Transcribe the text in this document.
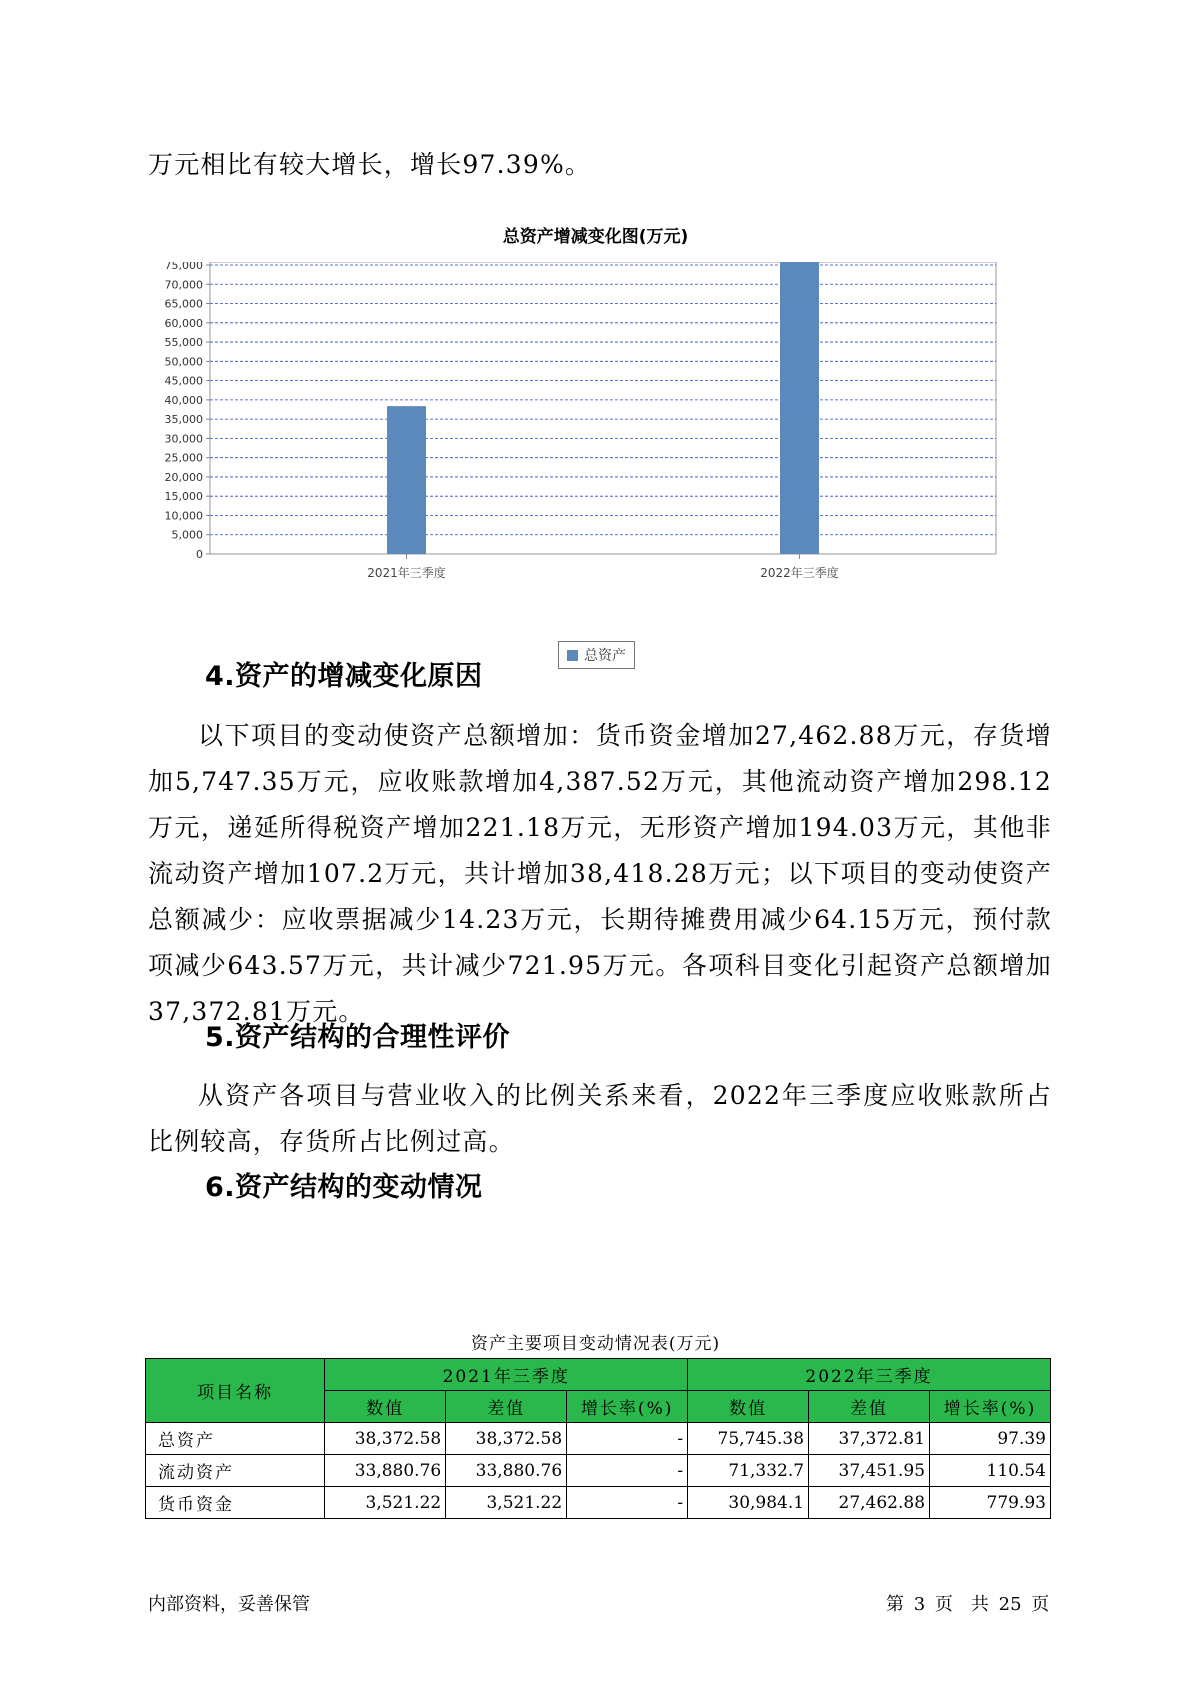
万元相比有较大增长，增长97.39%。

总资产增减变化图(万元)
0
5,000
10,000
15,000
20,000
25,000
30,000
35,000
40,000
45,000
50,000
55,000
60,000
65,000
70,000
75,000
2021年三季度	2022年三季度
总资产
4.资产的增减变化原因

以下项目的变动使资产总额增加：货币资金增加27,462.88万元，存货增加5,747.35万元，应收账款增加4,387.52万元，其他流动资产增加298.12万元，递延所得税资产增加221.18万元，无形资产增加194.03万元，其他非流动资产增加107.2万元，共计增加38,418.28万元；以下项目的变动使资产总额减少：应收票据减少14.23万元，长期待摊费用减少64.15万元，预付款项减少643.57万元，共计减少721.95万元。各项科目变化引起资产总额增加37,372.81万元。

5.资产结构的合理性评价

从资产各项目与营业收入的比例关系来看，2022年三季度应收账款所占比例较高，存货所占比例过高。

6.资产结构的变动情况
资产主要项目变动情况表(万元)
项目名称	2021年三季度			2022年三季度		
	数值	差值	增长率(%)	数值	差值	增长率(%)
总资产	38,372.58	38,372.58	-	75,745.38	37,372.81	97.39
流动资产	33,880.76	33,880.76	-	71,332.7	37,451.95	110.54
货币资金	3,521.22	3,521.22	-	30,984.1	27,462.88	779.93
内部资料，妥善保管	第 3 页　共 25 页
